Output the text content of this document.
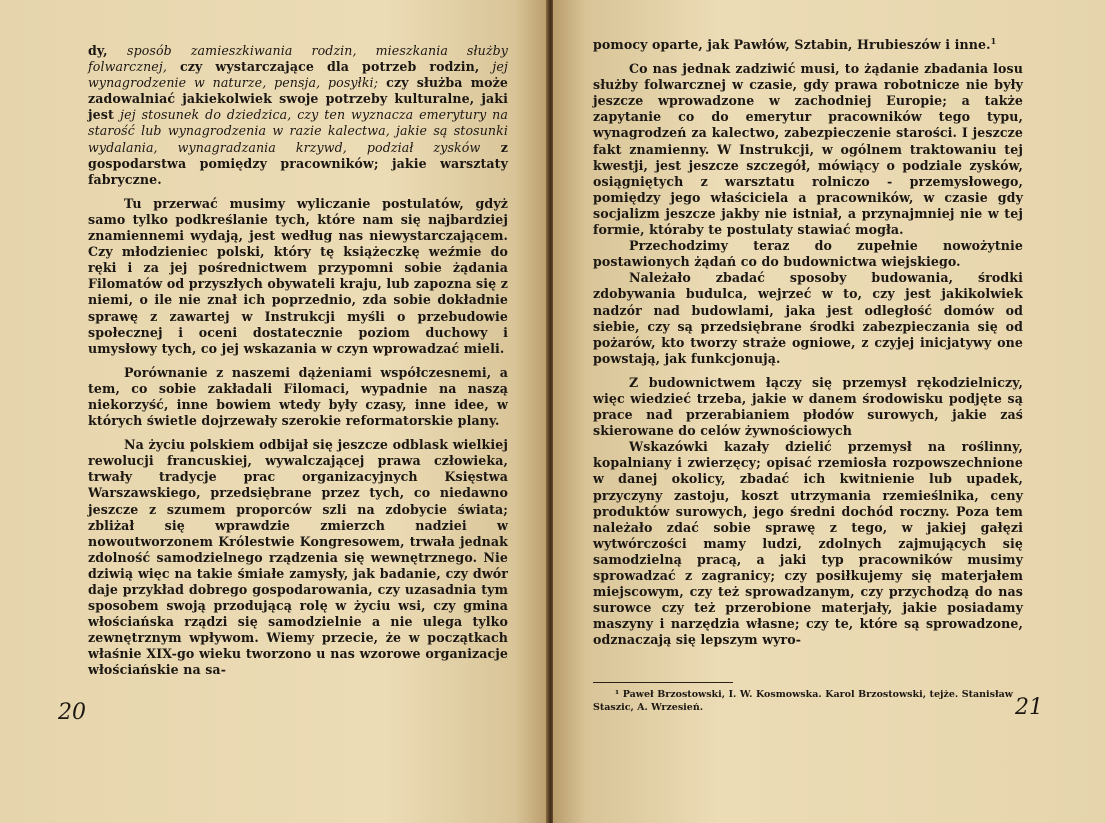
dy, sposób zamieszkiwania rodzin, mieszkania służby folwarcznej, czy wystarczające dla potrzeb rodzin, jej wynagrodzenie w naturze, pensja, posyłki; czy służba może zadowalniać jakiekolwiek swoje potrzeby kulturalne, jaki jest jej stosunek do dziedzica, czy ten wyznacza emerytury na starość lub wynagrodzenia w razie kalectwa, jakie są stosunki wydalania, wynagradzania krzywd, podział zysków z gospodarstwa pomiędzy pracowników; jakie warsztaty fabryczne.

Tu przerwać musimy wyliczanie postulatów, gdyż samo tylko podkreślanie tych, które nam się najbardziej znamiennemi wydają, jest według nas niewystarczającem. Czy młodzieniec polski, który tę książeczkę weźmie do ręki i za jej pośrednictwem przypomni sobie żądania Filomatów od przyszłych obywateli kraju, lub zapozna się z niemi, o ile nie znał ich poprzednio, zda sobie dokładnie sprawę z zawartej w Instrukcji myśli o przebudowie społecznej i oceni dostatecznie poziom duchowy i umysłowy tych, co jej wskazania w czyn wprowadzać mieli.

Porównanie z naszemi dążeniami współczesnemi, a tem, co sobie zakładali Filomaci, wypadnie na naszą niekorzyść, inne bowiem wtedy były czasy, inne idee, w których świetle dojrzewały szerokie reformatorskie plany.

Na życiu polskiem odbijał się jeszcze odblask wielkiej rewolucji francuskiej, wywalczającej prawa człowieka, trwały tradycje prac organizacyjnych Księstwa Warszawskiego, przedsiębrane przez tych, co niedawno jeszcze z szumem proporców szli na zdobycie świata; zbliżał się wprawdzie zmierzch nadziei w nowoutworzonem Królestwie Kongresowem, trwała jednak zdolność samodzielnego rządzenia się wewnętrznego. Nie dziwią więc na takie śmiałe zamysły, jak badanie, czy dwór daje przykład dobrego gospodarowania, czy uzasadnia tym sposobem swoją przodującą rolę w życiu wsi, czy gmina włościańska rządzi się samodzielnie a nie ulega tylko zewnętrznym wpływom. Wiemy przecie, że w początkach właśnie XIX-go wieku tworzono u nas wzorowe organizacje włościańskie na sa-

20

pomocy oparte, jak Pawłów, Sztabin, Hrubieszów i inne.$^1$

Co nas jednak zadziwić musi, to żądanie zbadania losu służby folwarcznej w czasie, gdy prawa robotnicze nie były jeszcze wprowadzone w zachodniej Europie; a także zapytanie co do emerytur pracowników tego typu, wynagrodzeń za kalectwo, zabezpieczenie starości. I jeszcze fakt znamienny. W Instrukcji, w ogólnem traktowaniu tej kwestji, jest jeszcze szczegół, mówiący o podziale zysków, osiągniętych z warsztatu rolniczo - przemysłowego, pomiędzy jego właściciela a pracowników, w czasie gdy socjalizm jeszcze jakby nie istniał, a przynajmniej nie w tej formie, któraby te postulaty stawiać mogła.

Przechodzimy teraz do zupełnie nowożytnie postawionych żądań co do budownictwa wiejskiego.

Należało zbadać sposoby budowania, środki zdobywania budulca, wejrzeć w to, czy jest jakikolwiek nadzór nad budowlami, jaka jest odległość domów od siebie, czy są przedsiębrane środki zabezpieczania się od pożarów, kto tworzy straże ogniowe, z czyjej inicjatywy one powstają, jak funkcjonują.

Z budownictwem łączy się przemysł rękodzielniczy, więc wiedzieć trzeba, jakie w danem środowisku podjęte są prace nad przerabianiem płodów surowych, jakie zaś skierowane do celów żywnościowych

Wskazówki kazały dzielić przemysł na roślinny, kopalniany i zwierzęcy; opisać rzemiosła rozpowszechnione w danej okolicy, zbadać ich kwitnienie lub upadek, przyczyny zastoju, koszt utrzymania rzemieślnika, ceny produktów surowych, jego średni dochód roczny. Poza tem należało zdać sobie sprawę z tego, w jakiej gałęzi wytwórczości mamy ludzi, zdolnych zajmujących się samodzielną pracą, a jaki typ pracowników musimy sprowadzać z zagranicy; czy posiłkujemy się materjałem miejscowym, czy też sprowadzanym, czy przychodzą do nas surowce czy też przerobione materjały, jakie posiadamy maszyny i narzędzia własne; czy te, które są sprowadzone, odznaczają się lepszym wyro-

¹ Paweł Brzostowski, I. W. Kosmowska. Karol Brzostowski, tejże. Stanisław Staszic, A. Wrzesień.	21
